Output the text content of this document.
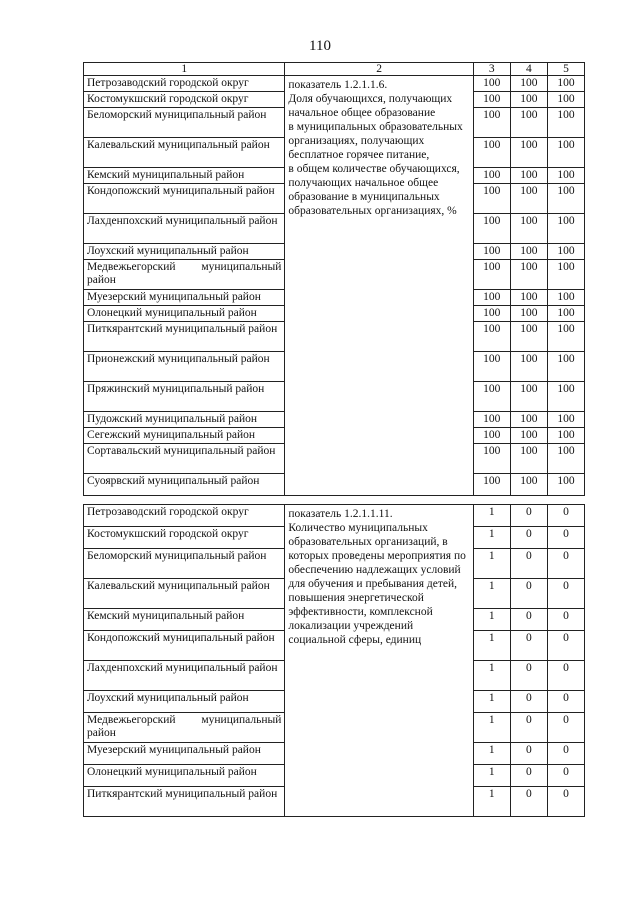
110
1	2	3	4	5
Петрозаводский городской округ	показатель 1.2.1.1.6.
Доля обучающихся, получающих начальное общее образование
в муниципальных образовательных организациях, получающих бесплатное горячее питание,
в общем количестве обучающихся, получающих начальное общее образование в муниципальных образовательных организациях, %	100	100	100
Костомукшский городской округ		100	100	100
Беломорский муниципальный район		100	100	100
Калевальский муниципальный район		100	100	100
Кемский муниципальный район		100	100	100
Кондопожский муниципальный район		100	100	100
Лахденпохский муниципальный район		100	100	100
Лоухский муниципальный район		100	100	100
Медвежьегорский муниципальный район		100	100	100
Муезерский муниципальный район		100	100	100
Олонецкий муниципальный район		100	100	100
Питкярантский муниципальный район		100	100	100
Прионежский муниципальный район		100	100	100
Пряжинский муниципальный район		100	100	100
Пудожский муниципальный район		100	100	100
Сегежский муниципальный район		100	100	100
Сортавальский муниципальный район		100	100	100
Суоярвский муниципальный район		100	100	100

Петрозаводский городской округ	показатель 1.2.1.1.11.
Количество муниципальных образовательных организаций, в которых проведены мероприятия по обеспечению надлежащих условий для обучения и пребывания детей, повышения энергетической эффективности, комплексной локализации учреждений социальной сферы, единиц	1	0	0
Костомукшский городской округ		1	0	0
Беломорский муниципальный район		1	0	0
Калевальский муниципальный район		1	0	0
Кемский муниципальный район		1	0	0
Кондопожский муниципальный район		1	0	0
Лахденпохский муниципальный район		1	0	0
Лоухский муниципальный район		1	0	0
Медвежьегорский муниципальный район		1	0	0
Муезерский муниципальный район		1	0	0
Олонецкий муниципальный район		1	0	0
Питкярантский муниципальный район		1	0	0
